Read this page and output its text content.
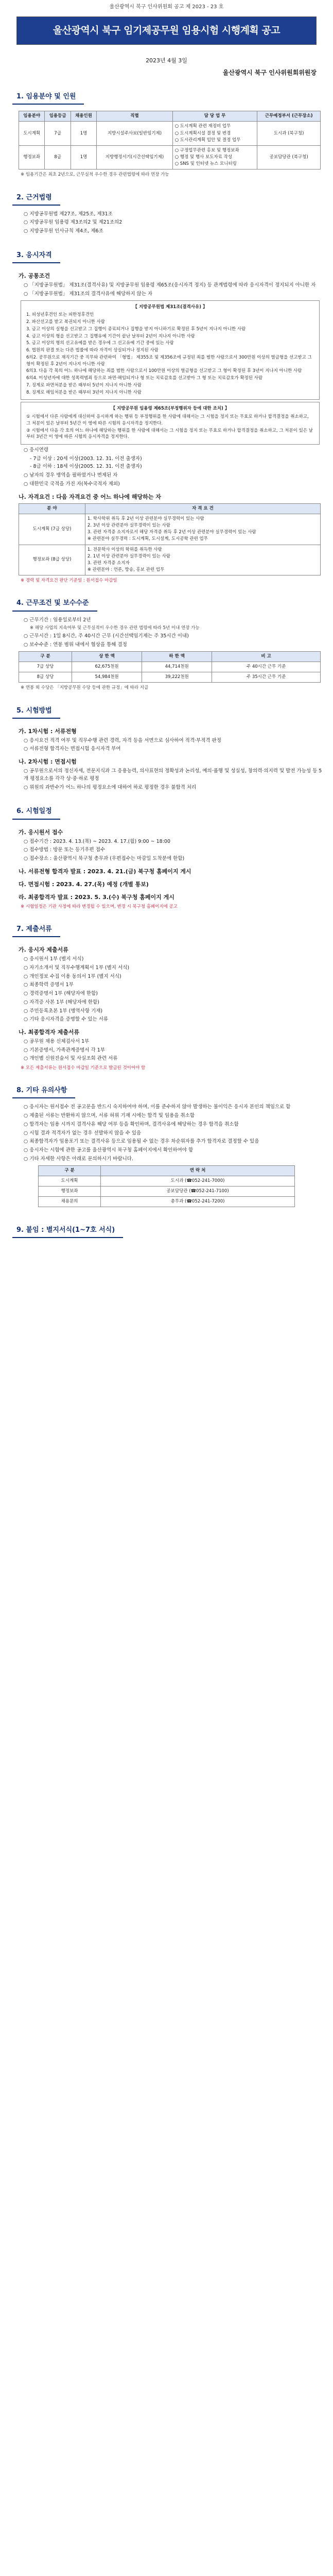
울산광역시 북구 인사위원회 공고 제 2023 - 23 호
울산광역시 북구 임기제공무원 임용시험 시행계획 공고
2023년 4월 3일
울산광역시 북구 인사위원회위원장
1. 임용분야 및 인원
임용분야	임용등급	채용인원	직렬	담 당 업 무	근무예정부서 (근무장소)
도시계획	7급	1명	지방시설주사보(일반임기제)	○ 도시계획 관련 재정비 업무
○ 도시계획시설 결정 및 변경
○ 도시관리계획 입안 및 결정 업무	도시과 (북구청)
행정보좌	8급	1명	지방행정서기(시간선택임기제)	○ 구정업무관련 홍보 및 행정보좌
○ 행정 및 행사 보도자료 작성
○ SNS 및 인터넷 뉴스 모니터링	공보담당관 (북구청)
※ 임용기간은 최초 2년으로, 근무실적 우수한 경우 관련법령에 따라 연장 가능
2. 근거법령
○ 지방공무원법 제27조, 제25조, 제31조
○ 지방공무원 임용령 제3조의2 및 제21조의2
○ 지방공무원 인사규칙 제4조, 제6조
3. 응시자격
가. 공통조건
○ 「지방공무원법」 제31조(결격사유) 및 지방공무원 임용령 제65조(응시자격 정지) 등 관계법령에 따라 응시자격이 정지되지 아니한 자
○ 「지방공무원법」 제31조의 결격사유에 해당하지 않는 자
【 지방공무원법 제31조(결격사유) 】
1. 피성년후견인 또는 피한정후견인
2. 파산선고를 받고 복권되지 아니한 사람
3. 금고 이상의 실형을 선고받고 그 집행이 종료되거나 집행을 받지 아니하기로 확정된 후 5년이 지나지 아니한 사람
4. 금고 이상의 형을 선고받고 그 집행유예 기간이 끝난 날부터 2년이 지나지 아니한 사람
5. 금고 이상의 형의 선고유예를 받은 경우에 그 선고유예 기간 중에 있는 사람
6. 법원의 판결 또는 다른 법률에 따라 자격이 상실되거나 정지된 사람
6의2. 공무원으로 재직기간 중 직무와 관련하여 「형법」 제355조 및 제356조에 규정된 죄를 범한 사람으로서 300만원 이상의 벌금형을 선고받고 그 형이 확정된 후 2년이 지나지 아니한 사람
6의3. 다음 각 목의 어느 하나에 해당하는 죄를 범한 사람으로서 100만원 이상의 벌금형을 선고받고 그 형이 확정된 후 3년이 지나지 아니한 사람
6의4. 미성년자에 대한 성폭력범죄 등으로 파면·해임되거나 형 또는 치료감호를 선고받아 그 형 또는 치료감호가 확정된 사람
7. 징계로 파면처분을 받은 때부터 5년이 지나지 아니한 사람
8. 징계로 해임처분을 받은 때부터 3년이 지나지 아니한 사람
【 지방공무원 임용령 제65조(부정행위자 등에 대한 조치) 】
① 시험에서 다른 사람에게 대신하여 응시하게 하는 행위 등 부정행위를 한 사람에 대해서는 그 시험을 정지 또는 무효로 하거나 합격결정을 취소하고, 그 처분이 있은 날부터 5년간 이 영에 따른 시험의 응시자격을 정지한다.
② 시험에서 다음 각 호의 어느 하나에 해당하는 행위를 한 사람에 대해서는 그 시험을 정지 또는 무효로 하거나 합격결정을 취소하고, 그 처분이 있은 날부터 3년간 이 영에 따른 시험의 응시자격을 정지한다.
○ 응시연령
- 7급 이상 : 20세 이상(2003. 12. 31. 이전 출생자)
- 8급 이하 : 18세 이상(2005. 12. 31. 이전 출생자)
○ 남자의 경우 병역을 필하였거나 면제된 자
○ 대한민국 국적을 가진 자(복수국적자 제외)
나. 자격요건 : 다음 자격요건 중 어느 하나에 해당하는 자
분 야	자 격 요 건
도시계획 (7급 상당)	1. 학사학위 취득 후 2년 이상 관련분야 실무경력이 있는 사람
2. 3년 이상 관련분야 실무경력이 있는 사람
3. 관련 자격증 소지자로서 해당 자격증 취득 후 2년 이상 관련분야 실무경력이 있는 사람
※ 관련분야 실무경력 : 도시계획, 도시설계, 도시공학 관련 업무
행정보좌 (8급 상당)	1. 전문학사 이상의 학위를 취득한 사람
2. 1년 이상 관련분야 실무경력이 있는 사람
3. 관련 자격증 소지자
※ 관련분야 : 언론, 방송, 홍보 관련 업무
※ 경력 및 자격요건 판단 기준일 : 원서접수 마감일
4. 근무조건 및 보수수준
○ 근무기간 : 임용일로부터 2년
※ 해당 사업의 지속여부 및 근무실적이 우수한 경우 관련 법령에 따라 5년 이내 연장 가능
○ 근무시간 : 1일 8시간, 주 40시간 근무 (시간선택임기제는 주 35시간 이내)
○ 보수수준 : 연봉 범위 내에서 협상을 통해 결정
구 분	상 한 액	하 한 액	비 고
7급 상당	62,675천원	44,714천원	주 40시간 근무 기준
8급 상당	54,984천원	39,222천원	주 35시간 근무 기준
※ 연봉 외 수당은 「지방공무원 수당 등에 관한 규정」에 따라 지급
5. 시험방법
가. 1차시험 : 서류전형
○ 응시요건 적격 여부 및 직무수행 관련 경력, 자격 등을 서면으로 심사하여 적격·부적격 판정
○ 서류전형 합격자는 면접시험 응시자격 부여
나. 2차시험 : 면접시험
○ 공무원으로서의 정신자세, 전문지식과 그 응용능력, 의사표현의 정확성과 논리성, 예의·품행 및 성실성, 창의력·의지력 및 발전 가능성 등 5개 평정요소를 각각 상·중·하로 평정
○ 위원의 과반수가 어느 하나의 평정요소에 대하여 하로 평정한 경우 불합격 처리
6. 시험일정
가. 응시원서 접수
○ 접수기간 : 2023. 4. 13.(목) ~ 2023. 4. 17.(월) 9:00 ~ 18:00
○ 접수방법 : 방문 또는 등기우편 접수
○ 접수장소 : 울산광역시 북구청 총무과 (우편접수는 마감일 도착분에 한함)
나. 서류전형 합격자 발표 : 2023. 4. 21.(금) 북구청 홈페이지 게시
다. 면접시험 : 2023. 4. 27.(목) 예정 (개별 통보)
라. 최종합격자 발표 : 2023. 5. 3.(수) 북구청 홈페이지 게시
※ 시험일정은 기관 사정에 따라 변경될 수 있으며, 변경 시 북구청 홈페이지에 공고
7. 제출서류
가. 응시자 제출서류
○ 응시원서 1부 (별지 서식)
○ 자기소개서 및 직무수행계획서 1부 (별지 서식)
○ 개인정보 수집 이용 동의서 1부 (별지 서식)
○ 최종학력 증명서 1부
○ 경력증명서 1부 (해당자에 한함)
○ 자격증 사본 1부 (해당자에 한함)
○ 주민등록초본 1부 (병역사항 기재)
○ 기타 응시자격을 증명할 수 있는 서류
나. 최종합격자 제출서류
○ 공무원 채용 신체검사서 1부
○ 기본증명서, 가족관계증명서 각 1부
○ 개인별 신원진술서 및 사실조회 관련 서류
※ 모든 제출서류는 원서접수 마감일 기준으로 발급된 것이어야 함
8. 기타 유의사항
○ 응시자는 원서접수 전 공고문을 반드시 숙지하여야 하며, 이를 준수하지 않아 발생하는 불이익은 응시자 본인의 책임으로 함
○ 제출된 서류는 반환하지 않으며, 서류 허위 기재 시에는 합격 및 임용을 취소함
○ 합격자는 임용 시까지 결격사유 해당 여부 등을 확인하며, 결격사유에 해당하는 경우 합격을 취소함
○ 시험 결과 적격자가 없는 경우 선발하지 않을 수 있음
○ 최종합격자가 임용포기 또는 결격사유 등으로 임용될 수 없는 경우 차순위자를 추가 합격자로 결정할 수 있음
○ 응시자는 시험에 관한 공고를 울산광역시 북구청 홈페이지에서 확인하여야 함
○ 기타 자세한 사항은 아래로 문의하시기 바랍니다.
구 분	연 락 처
도시계획	도시과 (☎052-241-7000)
행정보좌	공보담당관 (☎052-241-7100)
채용문의	총무과 (☎052-241-7200)
9. 붙임 : 별지서식(1~7호 서식)
